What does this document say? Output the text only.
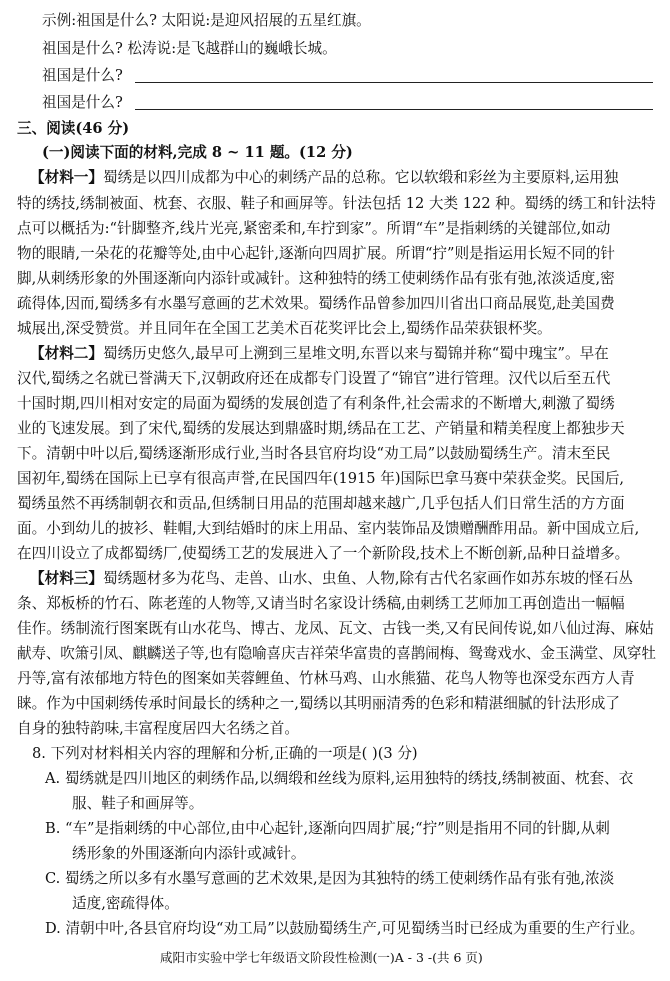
示例:祖国是什么? 太阳说:是迎风招展的五星红旗。
祖国是什么? 松涛说:是飞越群山的巍峨长城。
祖国是什么?
祖国是什么?
三、阅读(46 分)
(一)阅读下面的材料,完成 8 ~ 11 题。(12 分)
【材料一】蜀绣是以四川成都为中心的刺绣产品的总称。它以软缎和彩丝为主要原料,运用独
特的绣技,绣制被面、枕套、衣服、鞋子和画屏等。针法包括 12 大类 122 种。蜀绣的绣工和针法特
点可以概括为:“针脚整齐,线片光亮,紧密柔和,车拧到家”。所谓“车”是指刺绣的关键部位,如动
物的眼睛,一朵花的花瓣等处,由中心起针,逐渐向四周扩展。所谓“拧”则是指运用长短不同的针
脚,从刺绣形象的外围逐渐向内添针或减针。这种独特的绣工使刺绣作品有张有弛,浓淡适度,密
疏得体,因而,蜀绣多有水墨写意画的艺术效果。蜀绣作品曾参加四川省出口商品展览,赴美国费
城展出,深受赞赏。并且同年在全国工艺美术百花奖评比会上,蜀绣作品荣获银杯奖。
【材料二】蜀绣历史悠久,最早可上溯到三星堆文明,东晋以来与蜀锦并称“蜀中瑰宝”。早在
汉代,蜀绣之名就已誉满天下,汉朝政府还在成都专门设置了“锦官”进行管理。汉代以后至五代
十国时期,四川相对安定的局面为蜀绣的发展创造了有利条件,社会需求的不断增大,刺激了蜀绣
业的飞速发展。到了宋代,蜀绣的发展达到鼎盛时期,绣品在工艺、产销量和精美程度上都独步天
下。清朝中叶以后,蜀绣逐渐形成行业,当时各县官府均设“劝工局”以鼓励蜀绣生产。清末至民
国初年,蜀绣在国际上已享有很高声誉,在民国四年(1915 年)国际巴拿马赛中荣获金奖。民国后,
蜀绣虽然不再绣制朝衣和贡品,但绣制日用品的范围却越来越广,几乎包括人们日常生活的方方面
面。小到幼儿的披衫、鞋帽,大到结婚时的床上用品、室内装饰品及馈赠酬酢用品。新中国成立后,
在四川设立了成都蜀绣厂,使蜀绣工艺的发展进入了一个新阶段,技术上不断创新,品种日益增多。
【材料三】蜀绣题材多为花鸟、走兽、山水、虫鱼、人物,除有古代名家画作如苏东坡的怪石丛
条、郑板桥的竹石、陈老莲的人物等,又请当时名家设计绣稿,由刺绣工艺师加工再创造出一幅幅
佳作。绣制流行图案既有山水花鸟、博古、龙凤、瓦文、古钱一类,又有民间传说,如八仙过海、麻姑
献寿、吹箫引凤、麒麟送子等,也有隐喻喜庆吉祥荣华富贵的喜鹊闹梅、鸳鸯戏水、金玉满堂、凤穿牡
丹等,富有浓郁地方特色的图案如芙蓉鲤鱼、竹林马鸡、山水熊猫、花鸟人物等也深受东西方人青
睐。作为中国刺绣传承时间最长的绣种之一,蜀绣以其明丽清秀的色彩和精湛细腻的针法形成了
自身的独特韵味,丰富程度居四大名绣之首。
8. 下列对材料相关内容的理解和分析,正确的一项是( )(3 分)
A. 蜀绣就是四川地区的刺绣作品,以绸缎和丝线为原料,运用独特的绣技,绣制被面、枕套、衣
服、鞋子和画屏等。
B. “车”是指刺绣的中心部位,由中心起针,逐渐向四周扩展;“拧”则是指用不同的针脚,从刺
绣形象的外围逐渐向内添针或减针。
C. 蜀绣之所以多有水墨写意画的艺术效果,是因为其独特的绣工使刺绣作品有张有弛,浓淡
适度,密疏得体。
D. 清朝中叶,各县官府均设“劝工局”以鼓励蜀绣生产,可见蜀绣当时已经成为重要的生产行业。
咸阳市实验中学七年级语文阶段性检测(一)A - 3 -(共 6 页)
